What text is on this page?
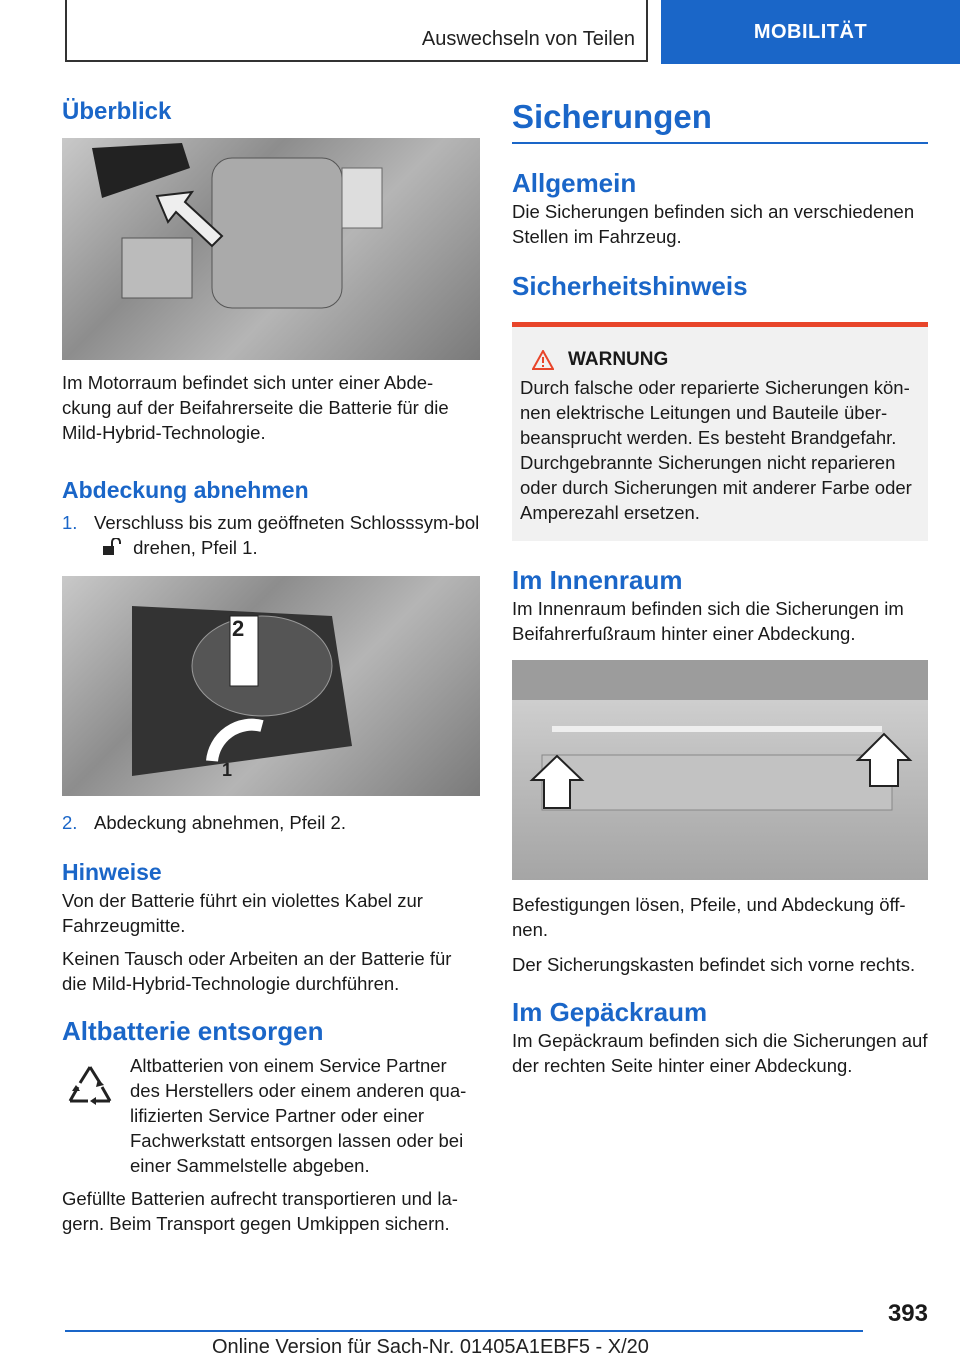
Auswechseln von Teilen	MOBILITÄT
Überblick

Im Motorraum befindet sich unter einer Abde‐ckung auf der Beifahrerseite die Batterie für die Mild-Hybrid-Technologie.

Abdeckung abnehmen
1. Verschluss bis zum geöffneten Schlosssym‐bol  drehen, Pfeil 1.
2
1
2. Abdeckung abnehmen, Pfeil 2.
Hinweise

Von der Batterie führt ein violettes Kabel zur Fahrzeugmitte.

Keinen Tausch oder Arbeiten an der Batterie für die Mild-Hybrid-Technologie durchführen.

Altbatterie entsorgen

Altbatterien von einem Service Partner des Herstellers oder einem anderen qua‐lifizierten Service Partner oder einer Fachwerkstatt entsorgen lassen oder bei einer Sammelstelle abgeben.

Gefüllte Batterien aufrecht transportieren und la‐gern. Beim Transport gegen Umkippen sichern.

Sicherungen
Allgemein

Die Sicherungen befinden sich an verschiedenen Stellen im Fahrzeug.

Sicherheitshinweis
WARNUNG

Durch falsche oder reparierte Sicherungen kön‐nen elektrische Leitungen und Bauteile über‐beansprucht werden. Es besteht Brandgefahr. Durchgebrannte Sicherungen nicht reparieren oder durch Sicherungen mit anderer Farbe oder Amperezahl ersetzen.

Im Innenraum

Im Innenraum befinden sich die Sicherungen im Beifahrerfußraum hinter einer Abdeckung.

Befestigungen lösen, Pfeile, und Abdeckung öff‐nen.

Der Sicherungskasten befindet sich vorne rechts.

Im Gepäckraum

Im Gepäckraum befinden sich die Sicherungen auf der rechten Seite hinter einer Abdeckung.

393
Online Version für Sach-Nr. 01405A1EBF5 - X/20
